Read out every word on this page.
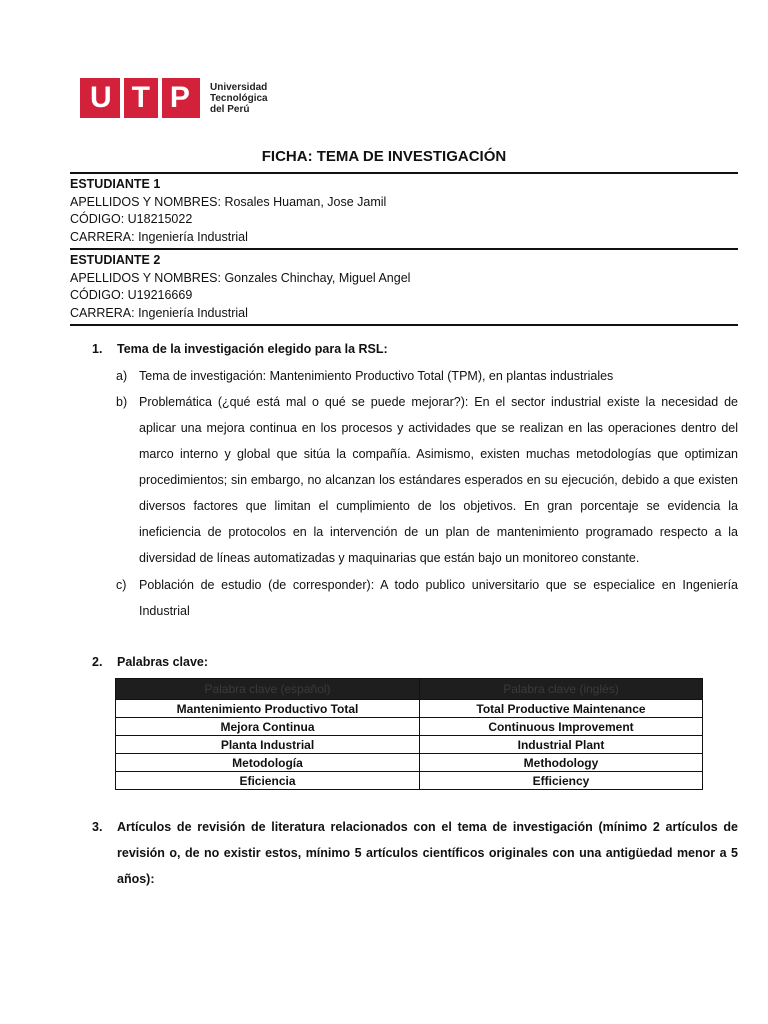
U T P Universidad
Tecnológica
del Perú
FICHA: TEMA DE INVESTIGACIÓN
ESTUDIANTE 1
APELLIDOS Y NOMBRES: Rosales Huaman, Jose Jamil
CÓDIGO: U18215022
CARRERA: Ingeniería Industrial
ESTUDIANTE 2
APELLIDOS Y NOMBRES: Gonzales Chinchay, Miguel Angel
CÓDIGO: U19216669
CARRERA: Ingeniería Industrial
1. Tema de la investigación elegido para la RSL:
a) Tema de investigación: Mantenimiento Productivo Total (TPM), en plantas industriales
b) Problemática (¿qué está mal o qué se puede mejorar?): En el sector industrial existe la necesidad de aplicar una mejora continua en los procesos y actividades que se realizan en las operaciones dentro del marco interno y global que sitúa la compañía. Asimismo, existen muchas metodologías que optimizan procedimientos; sin embargo, no alcanzan los estándares esperados en su ejecución, debido a que existen diversos factores que limitan el cumplimiento de los objetivos. En gran porcentaje se evidencia la ineficiencia de protocolos en la intervención de un plan de mantenimiento programado respecto a la diversidad de líneas automatizadas y maquinarias que están bajo un monitoreo constante.
c) Población de estudio (de corresponder): A todo publico universitario que se especialice en Ingeniería Industrial
2. Palabras clave:
Palabra clave (español)	Palabra clave (inglés)
Mantenimiento Productivo Total	Total Productive Maintenance
Mejora Continua	Continuous Improvement
Planta Industrial	Industrial Plant
Metodología	Methodology
Eficiencia	Efficiency
3. Artículos de revisión de literatura relacionados con el tema de investigación (mínimo 2 artículos de revisión o, de no existir estos, mínimo 5 artículos científicos originales con una antigüedad menor a 5 años):
